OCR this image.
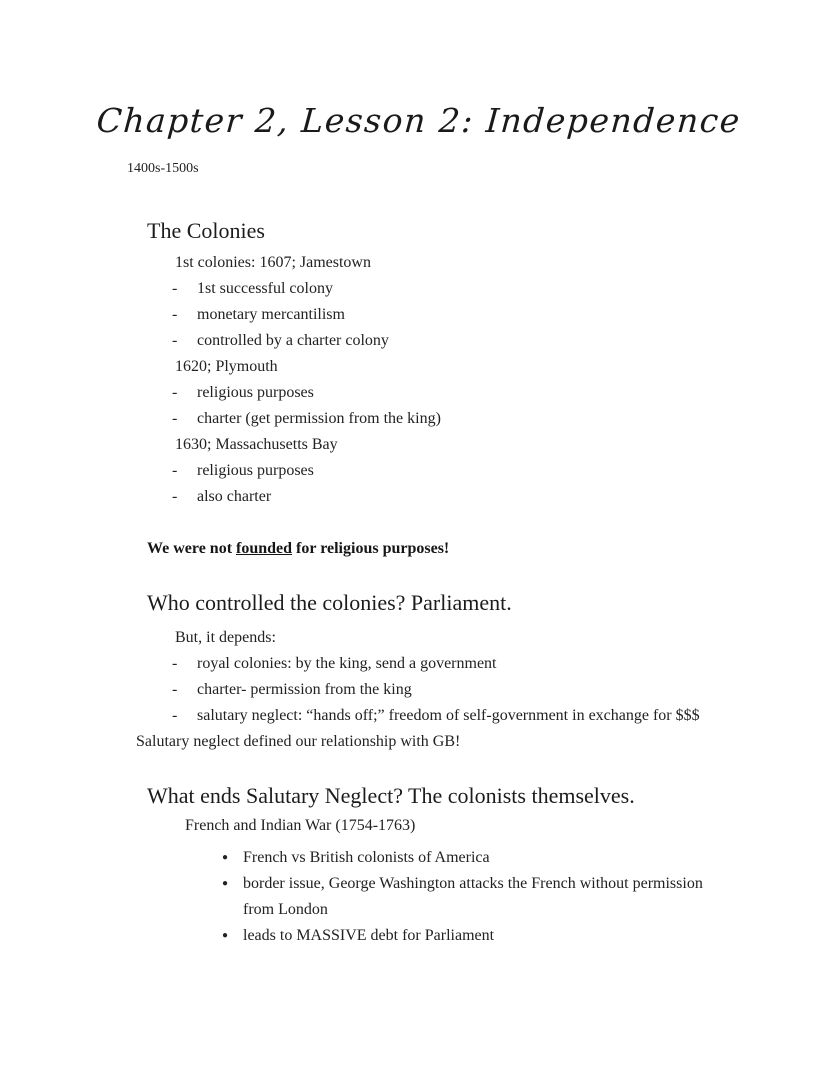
Chapter 2, Lesson 2: Independence
1400s-1500s
The Colonies
1st colonies: 1607; Jamestown
-	1st successful colony
-	monetary mercantilism
-	controlled by a charter colony
1620; Plymouth
-	religious purposes
-	charter (get permission from the king)
1630; Massachusetts Bay
-	religious purposes
-	also charter
We were not founded for religious purposes!
Who controlled the colonies? Parliament.
But, it depends:
-	royal colonies: by the king, send a government
-	charter- permission from the king
-	salutary neglect: “hands off;” freedom of self-government in exchange for $$$
Salutary neglect defined our relationship with GB!
What ends Salutary Neglect? The colonists themselves.
French and Indian War (1754-1763)
● French vs British colonists of America
● border issue, George Washington attacks the French without permission from London
● leads to MASSIVE debt for Parliament
